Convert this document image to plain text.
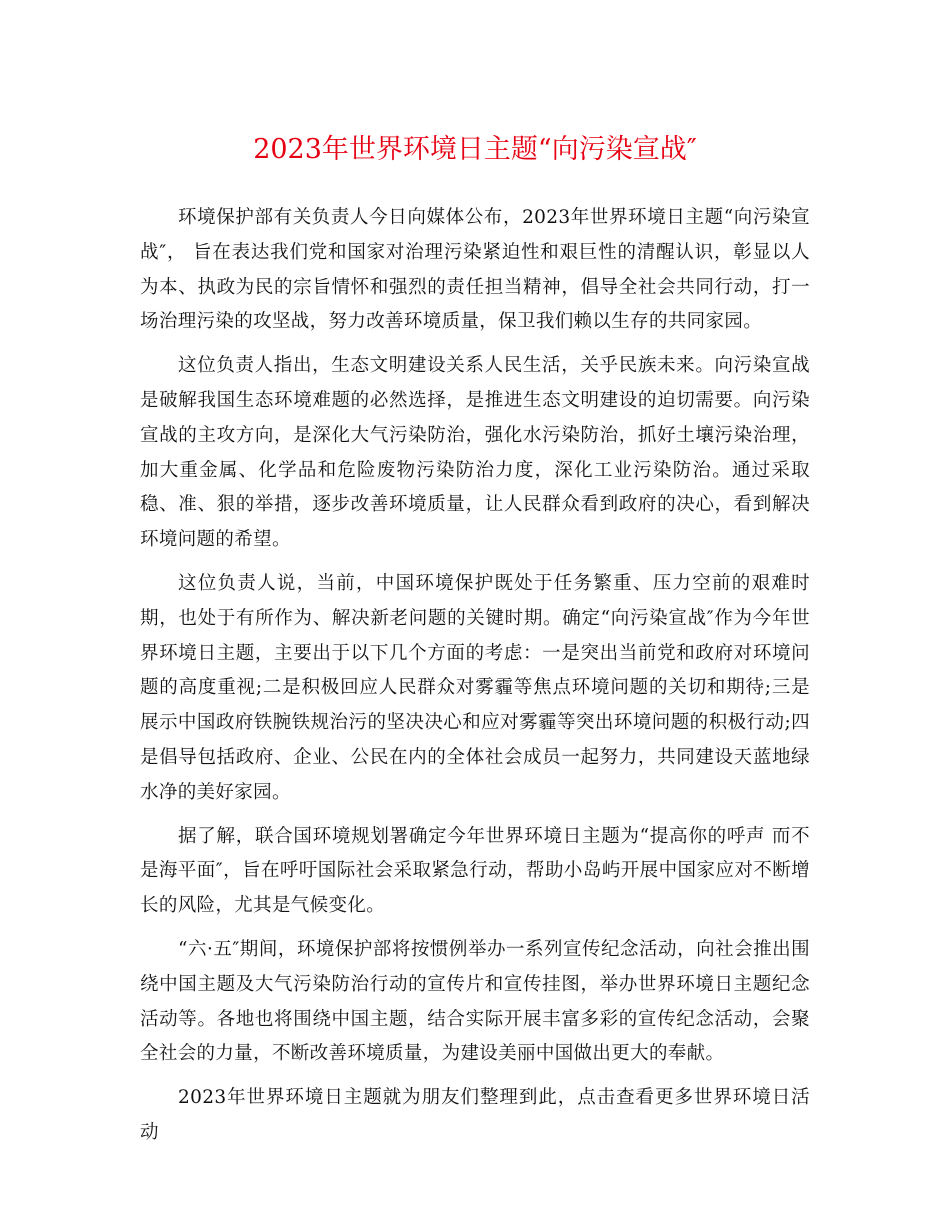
2023年世界环境日主题“向污染宣战″

环境保护部有关负责人今日向媒体公布，2023年世界环境日主题“向污染宣战″， 旨在表达我们党和国家对治理污染紧迫性和艰巨性的清醒认识，彰显以人为本、执政为民的宗旨情怀和强烈的责任担当精神，倡导全社会共同行动，打一场治理污染的攻坚战，努力改善环境质量，保卫我们赖以生存的共同家园。

这位负责人指出，生态文明建设关系人民生活，关乎民族未来。向污染宣战是破解我国生态环境难题的必然选择，是推进生态文明建设的迫切需要。向污染宣战的主攻方向，是深化大气污染防治，强化水污染防治，抓好土壤污染治理，加大重金属、化学品和危险废物污染防治力度，深化工业污染防治。通过采取稳、准、狠的举措，逐步改善环境质量，让人民群众看到政府的决心，看到解决环境问题的希望。

这位负责人说，当前，中国环境保护既处于任务繁重、压力空前的艰难时期，也处于有所作为、解决新老问题的关键时期。确定“向污染宣战″作为今年世界环境日主题，主要出于以下几个方面的考虑：一是突出当前党和政府对环境问题的高度重视;二是积极回应人民群众对雾霾等焦点环境问题的关切和期待;三是展示中国政府铁腕铁规治污的坚决决心和应对雾霾等突出环境问题的积极行动;四是倡导包括政府、企业、公民在内的全体社会成员一起努力，共同建设天蓝地绿水净的美好家园。

据了解，联合国环境规划署确定今年世界环境日主题为“提高你的呼声 而不是海平面″，旨在呼吁国际社会采取紧急行动，帮助小岛屿开展中国家应对不断增长的风险，尤其是气候变化。

“六·五″期间，环境保护部将按惯例举办一系列宣传纪念活动，向社会推出围绕中国主题及大气污染防治行动的宣传片和宣传挂图，举办世界环境日主题纪念活动等。各地也将围绕中国主题，结合实际开展丰富多彩的宣传纪念活动，会聚全社会的力量，不断改善环境质量，为建设美丽中国做出更大的奉献。

2023年世界环境日主题就为朋友们整理到此，点击查看更多世界环境日活动
